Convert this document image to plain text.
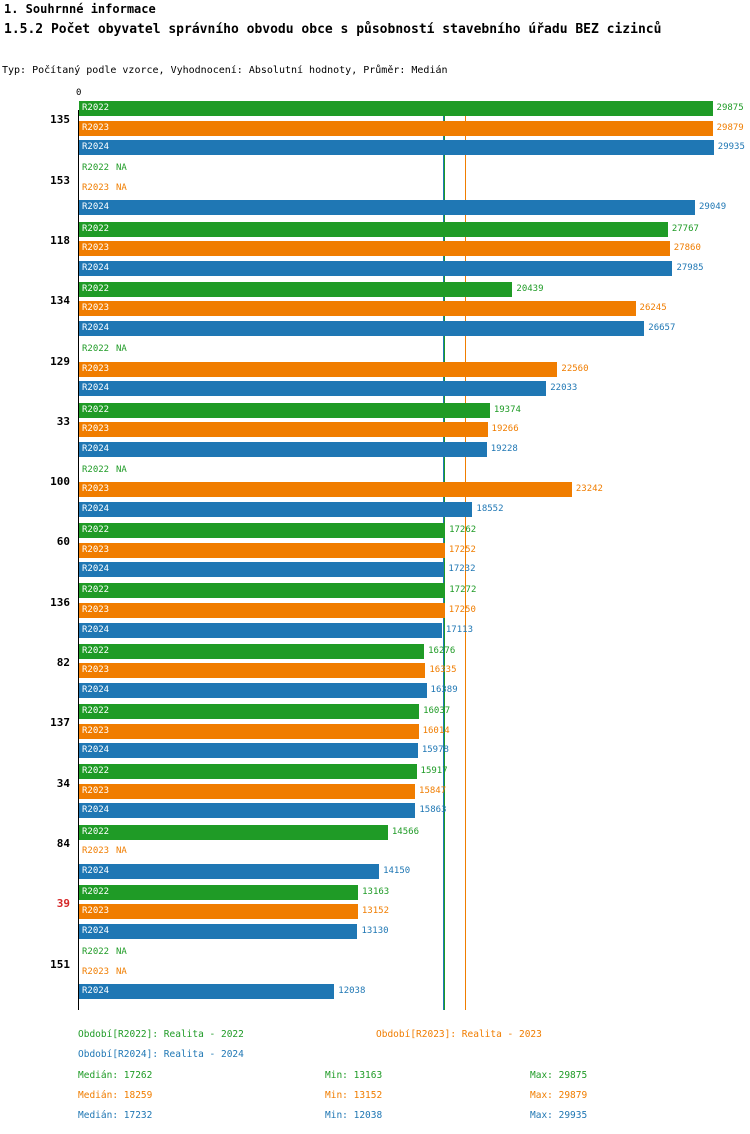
1. Souhrnné informace
1.5.2 Počet obyvatel správního obvodu obce s působností stavebního úřadu BEZ cizinců
Typ: Počítaný podle vzorce, Vyhodnocení: Absolutní hodnoty, Průměr: Medián
0
135
R2022	29875
R2023	29879
R2024	29935
153
R2022 NA
R2023 NA
R2024	29049
118
R2022	27767
R2023	27860
R2024	27985
134
R2022	20439
R2023	26245
R2024	26657
129
R2022 NA
R2023	22560
R2024	22033
33
R2022	19374
R2023	19266
R2024	19228
100
R2022 NA
R2023	23242
R2024	18552
60
R2022	17262
R2023	17252
R2024	17232
136
R2022	17272
R2023	17250
R2024	17113
82
R2022	16276
R2023	16335
R2024	16389
137
R2022	16037
R2023	16014
R2024	15978
34
R2022	15917
R2023	15847
R2024	15863
84
R2022	14566
R2023 NA
R2024	14150
39
R2022	13163
R2023	13152
R2024	13130
151
R2022 NA
R2023 NA
R2024	12038
Období[R2022]: Realita - 2022	Období[R2023]: Realita - 2023
Období[R2024]: Realita - 2024
Medián: 17262	Min: 13163	Max: 29875
Medián: 18259	Min: 13152	Max: 29879
Medián: 17232	Min: 12038	Max: 29935
